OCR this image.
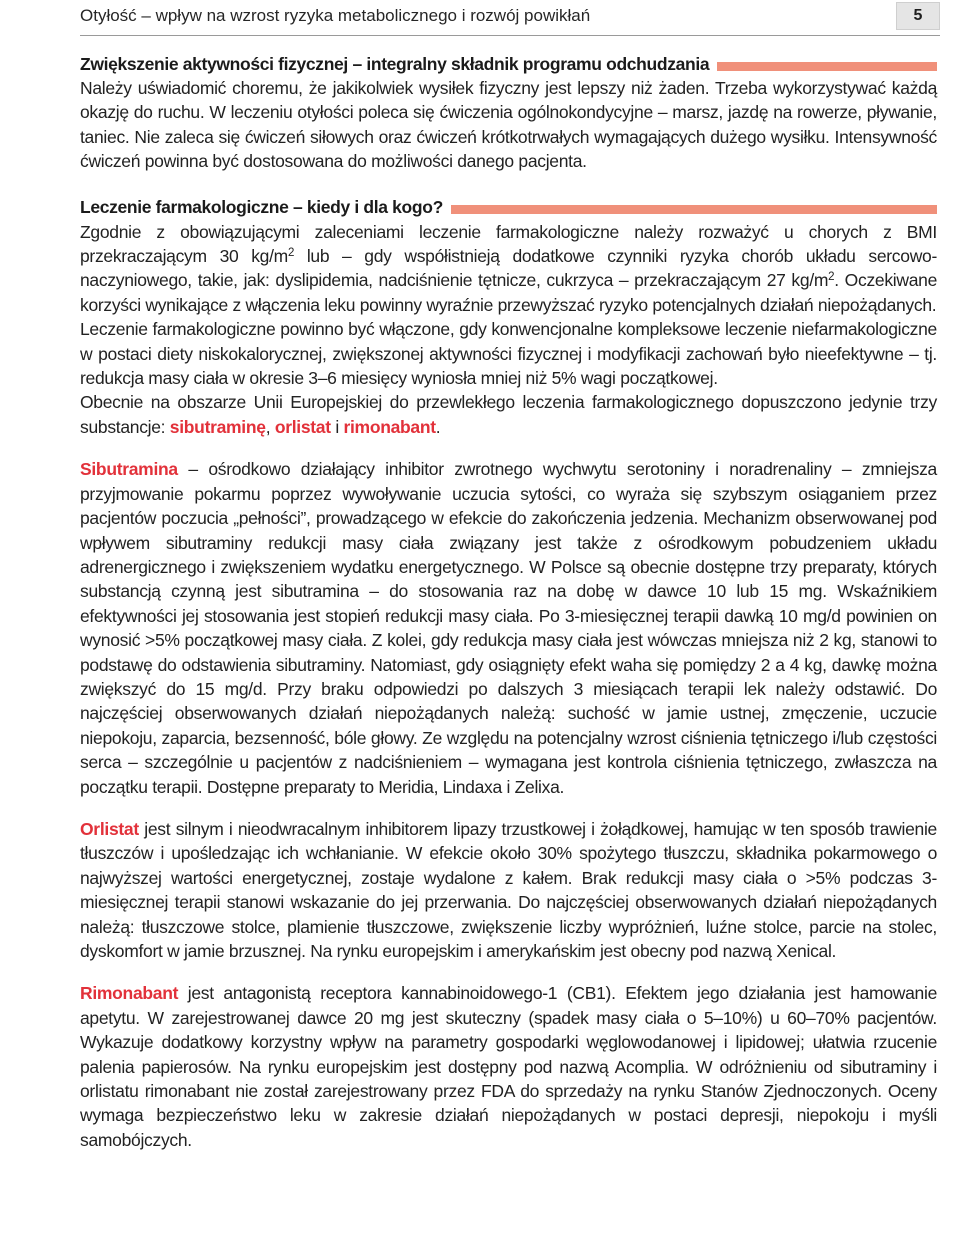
Otyłość – wpływ na wzrost ryzyka metabolicznego i rozwój powikłań	5
Zwiększenie aktywności fizycznej – integralny składnik programu odchudzania

Należy uświadomić choremu, że jakikolwiek wysiłek fizyczny jest lepszy niż żaden. Trzeba wykorzystywać każdą okazję do ruchu. W leczeniu otyłości poleca się ćwiczenia ogólnokondycyjne – marsz, jazdę na rowerze, pływanie, taniec. Nie zaleca się ćwiczeń siłowych oraz ćwiczeń krótkotrwałych wymagających dużego wysiłku. Intensywność ćwiczeń powinna być dostosowana do możliwości danego pacjenta.

Leczenie farmakologiczne – kiedy i dla kogo?

Zgodnie z obowiązującymi zaleceniami leczenie farmakologiczne należy rozważyć u chorych z BMI przekraczającym 30 $kg/m^2$ lub – gdy współistnieją dodatkowe czynniki ryzyka chorób układu sercowo-naczyniowego, takie, jak: dyslipidemia, nadciśnienie tętnicze, cukrzyca – przekraczającym 27 $kg/m^2$. Oczekiwane korzyści wynikające z włączenia leku powinny wyraźnie przewyższać ryzyko potencjalnych działań niepożądanych.

Leczenie farmakologiczne powinno być włączone, gdy konwencjonalne kompleksowe leczenie niefarmakologiczne w postaci diety niskokalorycznej, zwiększonej aktywności fizycznej i modyfikacji zachowań było nieefektywne – tj. redukcja masy ciała w okresie 3–6 miesięcy wyniosła mniej niż 5% wagi początkowej.

Obecnie na obszarze Unii Europejskiej do przewlekłego leczenia farmakologicznego dopuszczono jedynie trzy substancje: sibutraminę, orlistat i rimonabant.

Sibutramina – ośrodkowo działający inhibitor zwrotnego wychwytu serotoniny i noradrenaliny – zmniejsza przyjmowanie pokarmu poprzez wywoływanie uczucia sytości, co wyraża się szybszym osiąganiem przez pacjentów poczucia „pełności”, prowadzącego w efekcie do zakończenia jedzenia. Mechanizm obserwowanej pod wpływem sibutraminy redukcji masy ciała związany jest także z ośrodkowym pobudzeniem układu adrenergicznego i zwiększeniem wydatku energetycznego. W Polsce są obecnie dostępne trzy preparaty, których substancją czynną jest sibutramina – do stosowania raz na dobę w dawce 10 lub 15 mg. Wskaźnikiem efektywności jej stosowania jest stopień redukcji masy ciała. Po 3-miesięcznej terapii dawką 10 mg/d powinien on wynosić >5% początkowej masy ciała. Z kolei, gdy redukcja masy ciała jest wówczas mniejsza niż 2 kg, stanowi to podstawę do odstawienia sibutraminy. Natomiast, gdy osiągnięty efekt waha się pomiędzy 2 a 4 kg, dawkę można zwiększyć do 15 mg/d. Przy braku odpowiedzi po dalszych 3 miesiącach terapii lek należy odstawić. Do najczęściej obserwowanych działań niepożądanych należą: suchość w jamie ustnej, zmęczenie, uczucie niepokoju, zaparcia, bezsenność, bóle głowy. Ze względu na potencjalny wzrost ciśnienia tętniczego i/lub częstości serca – szczególnie u pacjentów z nadciśnieniem – wymagana jest kontrola ciśnienia tętniczego, zwłaszcza na początku terapii. Dostępne preparaty to Meridia, Lindaxa i Zelixa.

Orlistat jest silnym i nieodwracalnym inhibitorem lipazy trzustkowej i żołądkowej, hamując w ten sposób trawienie tłuszczów i upośledzając ich wchłanianie. W efekcie około 30% spożytego tłuszczu, składnika pokarmowego o najwyższej wartości energetycznej, zostaje wydalone z kałem. Brak redukcji masy ciała o >5% podczas 3-miesięcznej terapii stanowi wskazanie do jej przerwania. Do najczęściej obserwowanych działań niepożądanych należą: tłuszczowe stolce, plamienie tłuszczowe, zwiększenie liczby wypróżnień, luźne stolce, parcie na stolec, dyskomfort w jamie brzusznej. Na rynku europejskim i amerykańskim jest obecny pod nazwą Xenical.

Rimonabant jest antagonistą receptora kannabinoidowego-1 (CB1). Efektem jego działania jest hamowanie apetytu. W zarejestrowanej dawce 20 mg jest skuteczny (spadek masy ciała o 5–10%) u 60–70% pacjentów. Wykazuje dodatkowy korzystny wpływ na parametry gospodarki węglowodanowej i lipidowej; ułatwia rzucenie palenia papierosów. Na rynku europejskim jest dostępny pod nazwą Acomplia. W odróżnieniu od sibutraminy i orlistatu rimonabant nie został zarejestrowany przez FDA do sprzedaży na rynku Stanów Zjednoczonych. Oceny wymaga bezpieczeństwo leku w zakresie działań niepożądanych w postaci depresji, niepokoju i myśli samobójczych.
